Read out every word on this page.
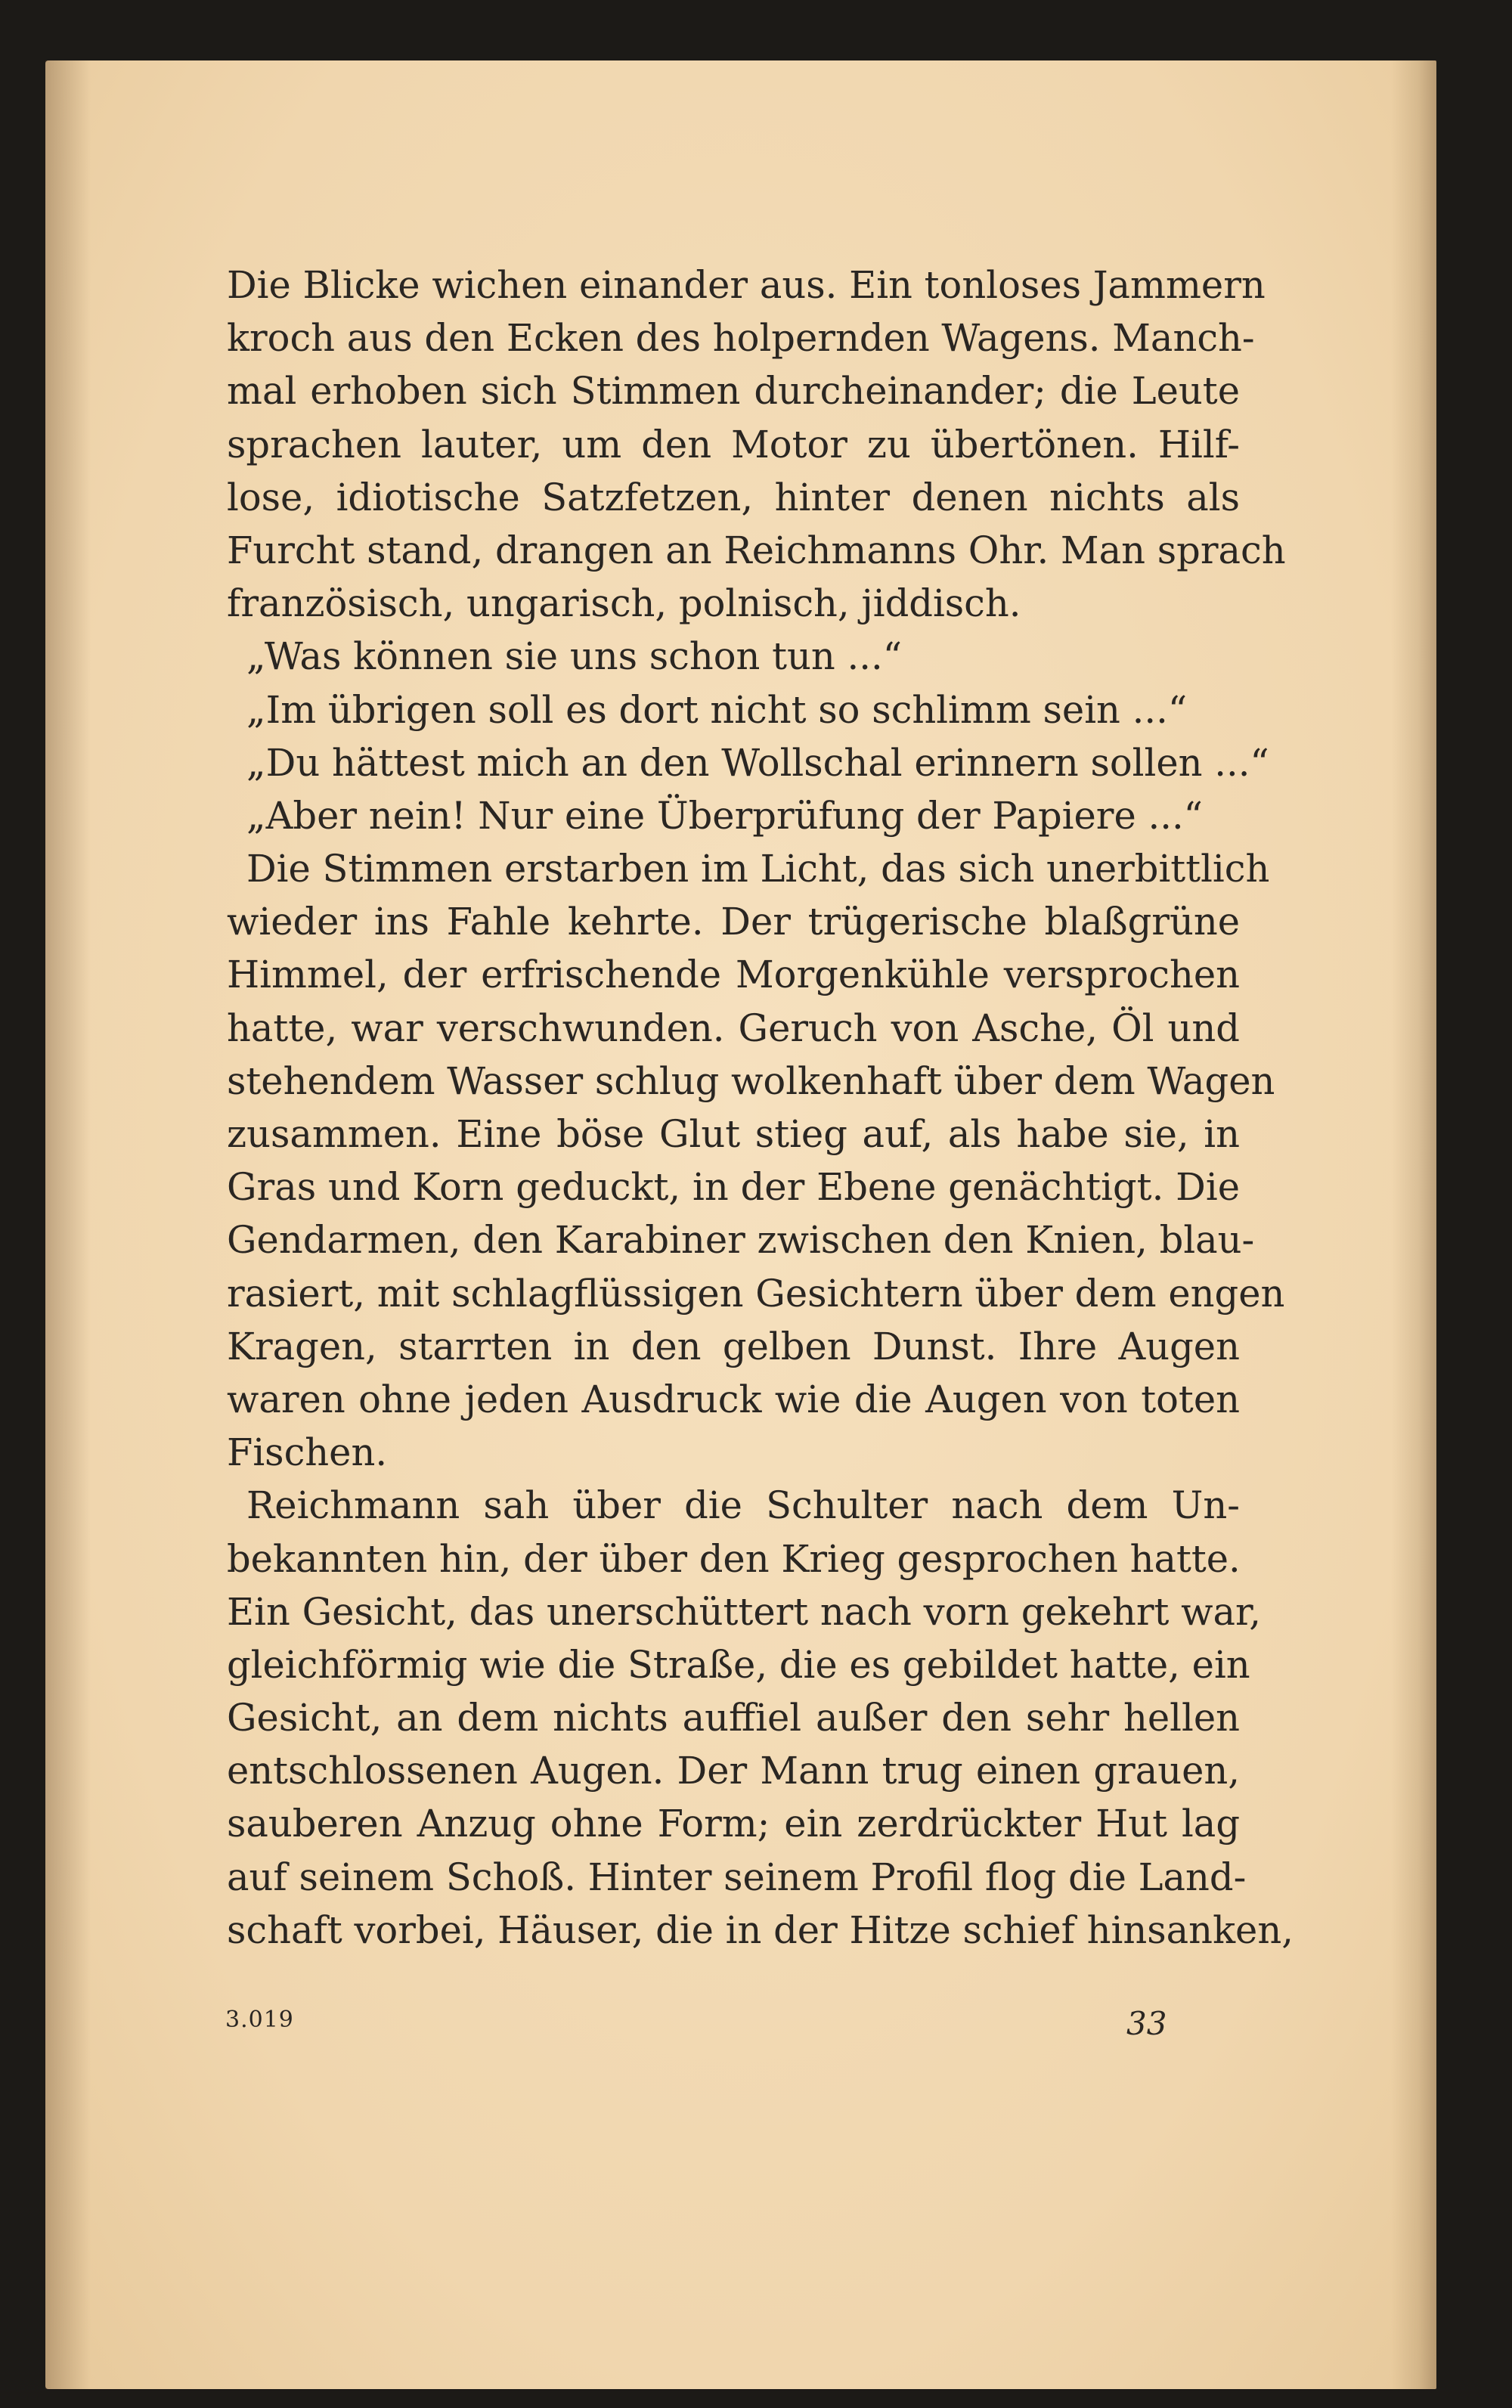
Die Blicke wichen einander aus. Ein tonloses Jammern
kroch aus den Ecken des holpernden Wagens. Manch-
mal erhoben sich Stimmen durcheinander; die Leute
sprachen lauter, um den Motor zu übertönen. Hilf-
lose, idiotische Satzfetzen, hinter denen nichts als
Furcht stand, drangen an Reichmanns Ohr. Man sprach
französisch, ungarisch, polnisch, jiddisch.
„Was können sie uns schon tun ...“
„Im übrigen soll es dort nicht so schlimm sein ...“
„Du hättest mich an den Wollschal erinnern sollen ...“
„Aber nein! Nur eine Überprüfung der Papiere ...“
Die Stimmen erstarben im Licht, das sich unerbittlich
wieder ins Fahle kehrte. Der trügerische blaßgrüne
Himmel, der erfrischende Morgenkühle versprochen
hatte, war verschwunden. Geruch von Asche, Öl und
stehendem Wasser schlug wolkenhaft über dem Wagen
zusammen. Eine böse Glut stieg auf, als habe sie, in
Gras und Korn geduckt, in der Ebene genächtigt. Die
Gendarmen, den Karabiner zwischen den Knien, blau-
rasiert, mit schlagflüssigen Gesichtern über dem engen
Kragen, starrten in den gelben Dunst. Ihre Augen
waren ohne jeden Ausdruck wie die Augen von toten
Fischen.
Reichmann sah über die Schulter nach dem Un-
bekannten hin, der über den Krieg gesprochen hatte.
Ein Gesicht, das unerschüttert nach vorn gekehrt war,
gleichförmig wie die Straße, die es gebildet hatte, ein
Gesicht, an dem nichts auffiel außer den sehr hellen
entschlossenen Augen. Der Mann trug einen grauen,
sauberen Anzug ohne Form; ein zerdrückter Hut lag
auf seinem Schoß. Hinter seinem Profil flog die Land-
schaft vorbei, Häuser, die in der Hitze schief hinsanken,
3.019	33
